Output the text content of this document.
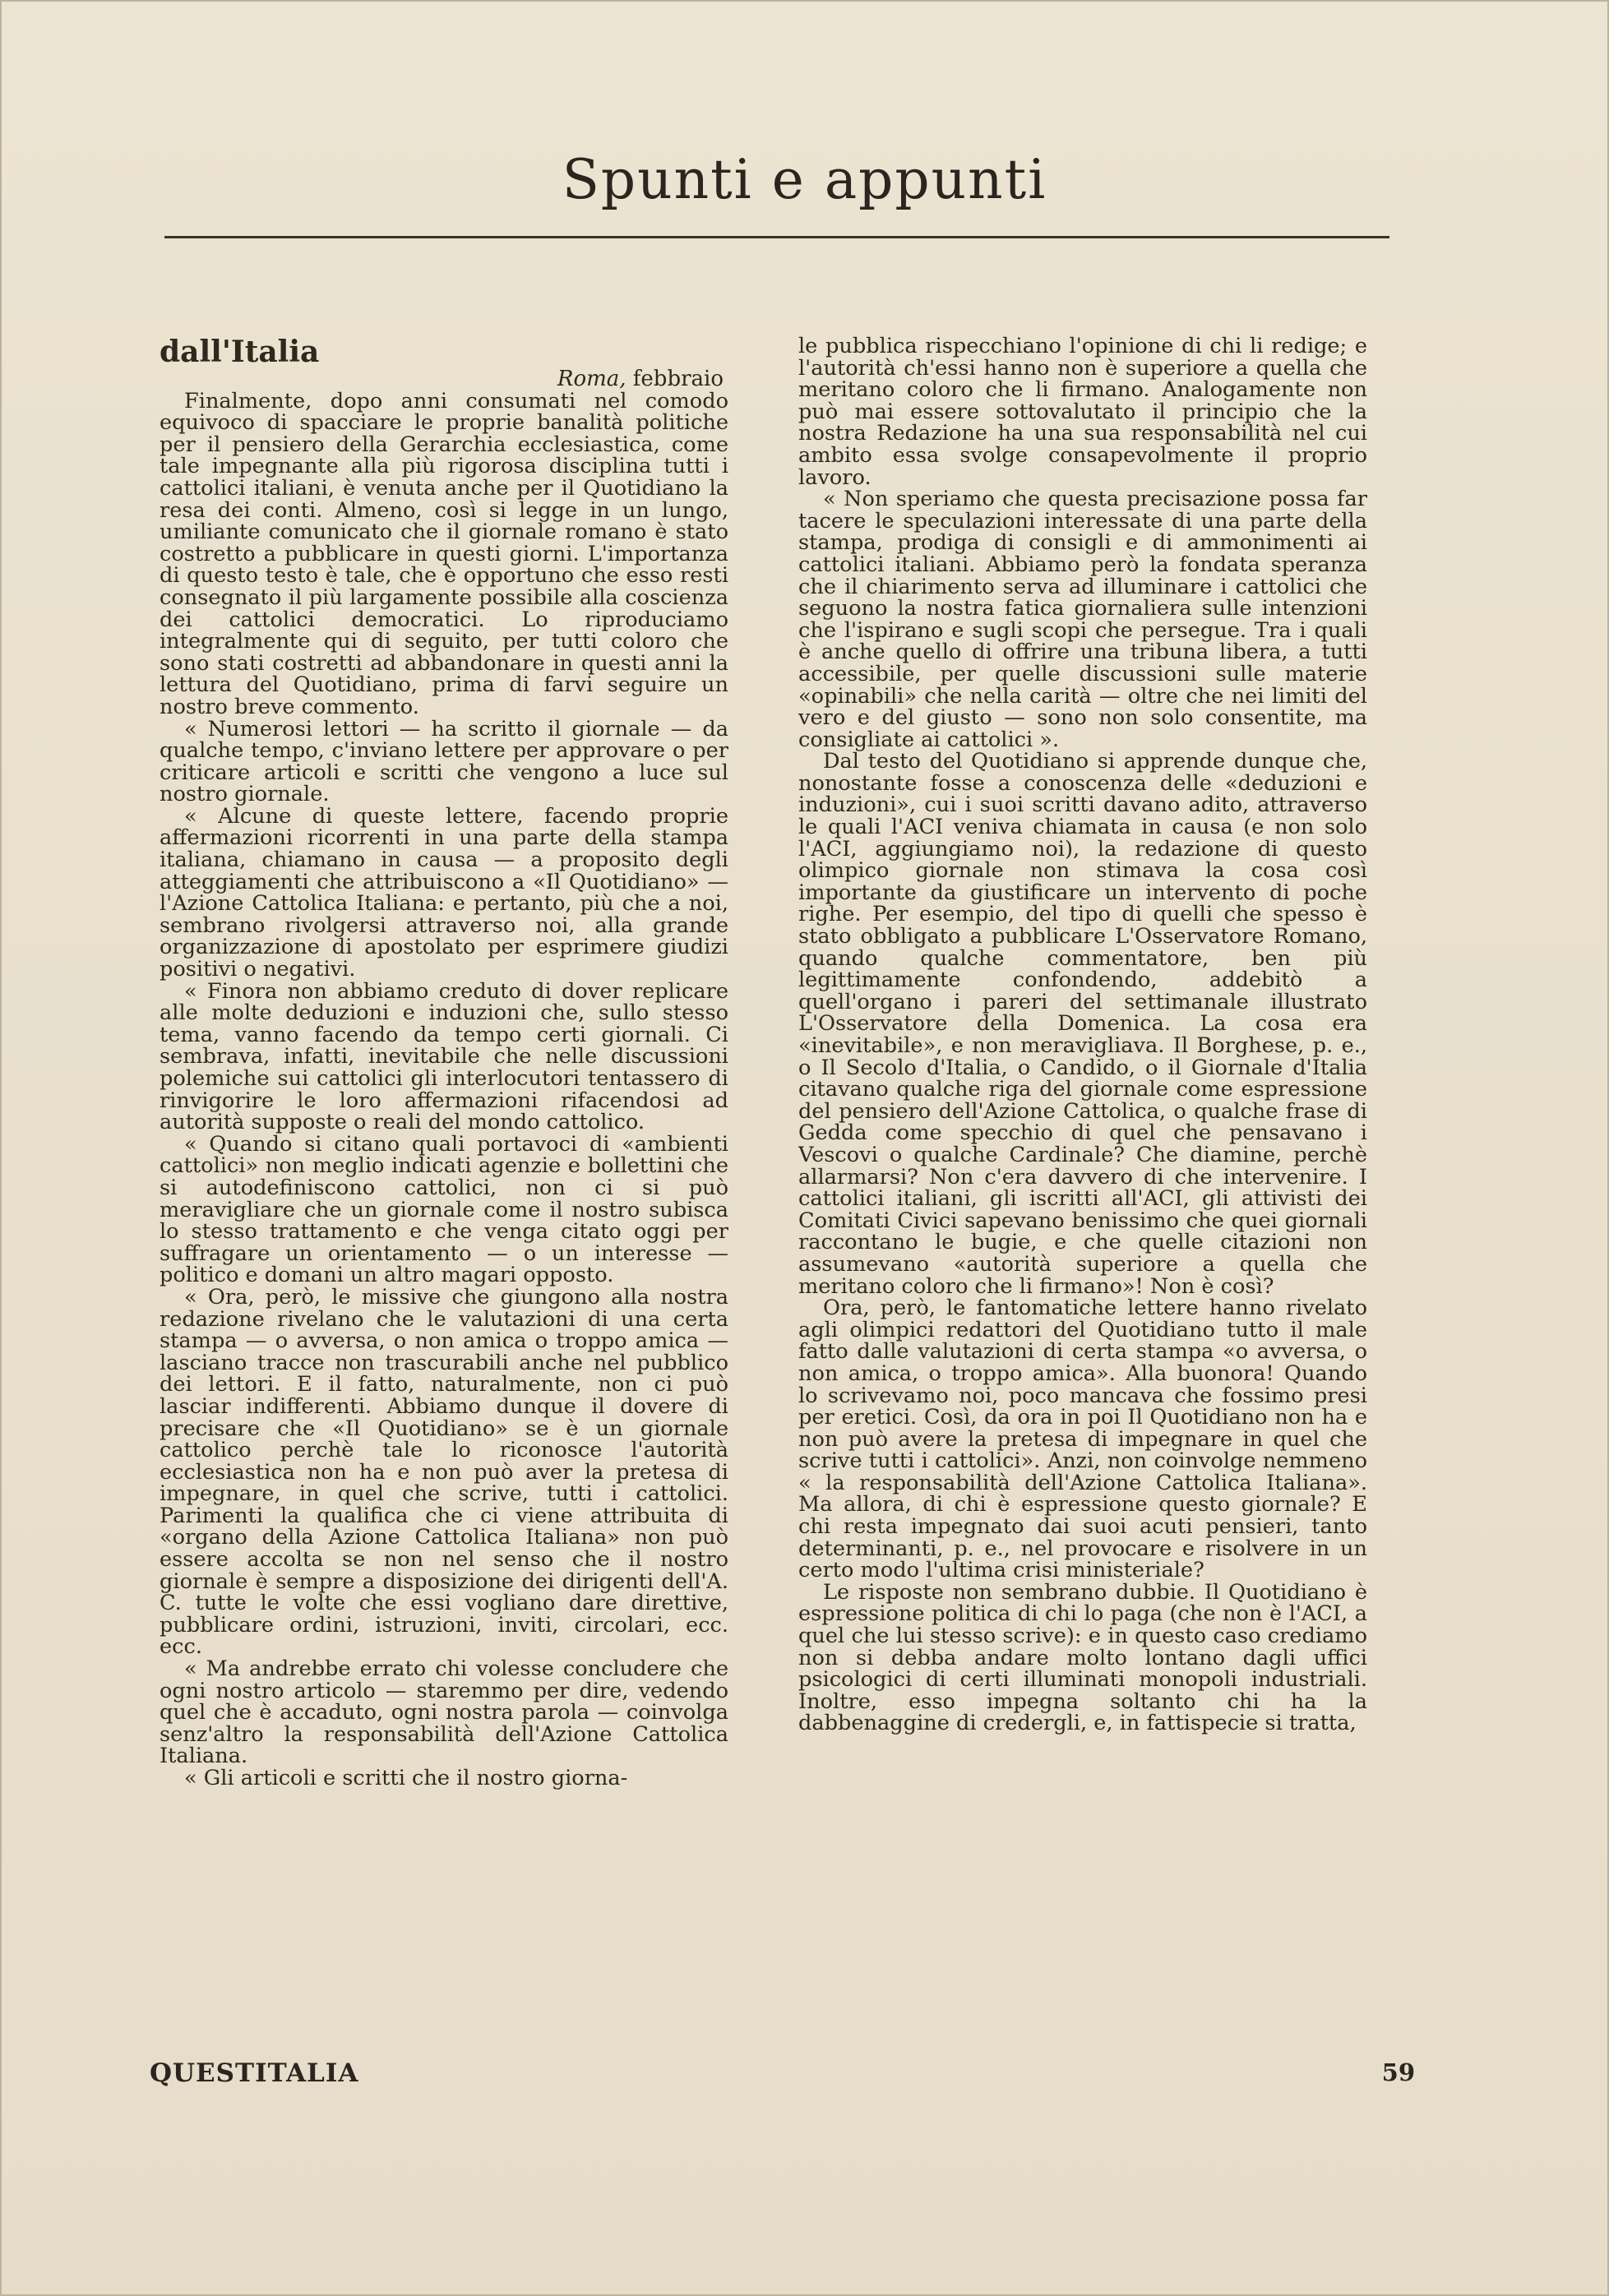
Spunti e appunti

dall'Italia

Roma, febbraio

Finalmente, dopo anni consumati nel comodo equivoco di spacciare le proprie banalità politiche per il pensiero della Gerarchia ecclesiastica, come tale impegnante alla più rigorosa disciplina tutti i cattolici italiani, è venuta anche per il Quotidiano la resa dei conti. Almeno, così si legge in un lungo, umiliante comunicato che il giornale romano è stato costretto a pubblicare in questi giorni. L'importanza di questo testo è tale, che è opportuno che esso resti consegnato il più largamente possibile alla coscienza dei cattolici democratici. Lo riproduciamo integralmente qui di seguito, per tutti coloro che sono stati costretti ad abbandonare in questi anni la lettura del Quotidiano, prima di farvi seguire un nostro breve commento.

« Numerosi lettori — ha scritto il giornale — da qualche tempo, c'inviano lettere per approvare o per criticare articoli e scritti che vengono a luce sul nostro giornale.

« Alcune di queste lettere, facendo proprie affermazioni ricorrenti in una parte della stampa italiana, chiamano in causa — a proposito degli atteggiamenti che attribuiscono a «Il Quotidiano» — l'Azione Cattolica Italiana: e pertanto, più che a noi, sembrano rivolgersi attraverso noi, alla grande organizzazione di apostolato per esprimere giudizi positivi o negativi.

« Finora non abbiamo creduto di dover replicare alle molte deduzioni e induzioni che, sullo stesso tema, vanno facendo da tempo certi giornali. Ci sembrava, infatti, inevitabile che nelle discussioni polemiche sui cattolici gli interlocutori tentassero di rinvigorire le loro affermazioni rifacendosi ad autorità supposte o reali del mondo cattolico.

« Quando si citano quali portavoci di «ambienti cattolici» non meglio indicati agenzie e bollettini che si autodefiniscono cattolici, non ci si può meravigliare che un giornale come il nostro subisca lo stesso trattamento e che venga citato oggi per suffragare un orientamento — o un interesse — politico e domani un altro magari opposto.

« Ora, però, le missive che giungono alla nostra redazione rivelano che le valutazioni di una certa stampa — o avversa, o non amica o troppo amica — lasciano tracce non trascurabili anche nel pubblico dei lettori. E il fatto, naturalmente, non ci può lasciar indifferenti. Abbiamo dunque il dovere di precisare che «Il Quotidiano» se è un giornale cattolico perchè tale lo riconosce l'autorità ecclesiastica non ha e non può aver la pretesa di impegnare, in quel che scrive, tutti i cattolici. Parimenti la qualifica che ci viene attribuita di «organo della Azione Cattolica Italiana» non può essere accolta se non nel senso che il nostro giornale è sempre a disposizione dei dirigenti dell'A. C. tutte le volte che essi vogliano dare direttive, pubblicare ordini, istruzioni, inviti, circolari, ecc. ecc.

« Ma andrebbe errato chi volesse concludere che ogni nostro articolo — staremmo per dire, vedendo quel che è accaduto, ogni nostra parola — coinvolga senz'altro la responsabilità dell'Azione Cattolica Italiana.

« Gli articoli e scritti che il nostro giorna-

le pubblica rispecchiano l'opinione di chi li redige; e l'autorità ch'essi hanno non è superiore a quella che meritano coloro che li firmano. Analogamente non può mai essere sottovalutato il principio che la nostra Redazione ha una sua responsabilità nel cui ambito essa svolge consapevolmente il proprio lavoro.

« Non speriamo che questa precisazione possa far tacere le speculazioni interessate di una parte della stampa, prodiga di consigli e di ammonimenti ai cattolici italiani. Abbiamo però la fondata speranza che il chiarimento serva ad illuminare i cattolici che seguono la nostra fatica giornaliera sulle intenzioni che l'ispirano e sugli scopi che persegue. Tra i quali è anche quello di offrire una tribuna libera, a tutti accessibile, per quelle discussioni sulle materie «opinabili» che nella carità — oltre che nei limiti del vero e del giusto — sono non solo consentite, ma consigliate ai cattolici ».

Dal testo del Quotidiano si apprende dunque che, nonostante fosse a conoscenza delle «deduzioni e induzioni», cui i suoi scritti davano adito, attraverso le quali l'ACI veniva chiamata in causa (e non solo l'ACI, aggiungiamo noi), la redazione di questo olimpico giornale non stimava la cosa così importante da giustificare un intervento di poche righe. Per esempio, del tipo di quelli che spesso è stato obbligato a pubblicare L'Osservatore Romano, quando qualche commentatore, ben più legittimamente confondendo, addebitò a quell'organo i pareri del settimanale illustrato L'Osservatore della Domenica. La cosa era «inevitabile», e non meravigliava. Il Borghese, p. e., o Il Secolo d'Italia, o Candido, o il Giornale d'Italia citavano qualche riga del giornale come espressione del pensiero dell'Azione Cattolica, o qualche frase di Gedda come specchio di quel che pensavano i Vescovi o qualche Cardinale? Che diamine, perchè allarmarsi? Non c'era davvero di che intervenire. I cattolici italiani, gli iscritti all'ACI, gli attivisti dei Comitati Civici sapevano benissimo che quei giornali raccontano le bugie, e che quelle citazioni non assumevano «autorità superiore a quella che meritano coloro che li firmano»! Non è così?

Ora, però, le fantomatiche lettere hanno rivelato agli olimpici redattori del Quotidiano tutto il male fatto dalle valutazioni di certa stampa «o avversa, o non amica, o troppo amica». Alla buonora! Quando lo scrivevamo noi, poco mancava che fossimo presi per eretici. Così, da ora in poi Il Quotidiano non ha e non può avere la pretesa di impegnare in quel che scrive tutti i cattolici». Anzi, non coinvolge nemmeno « la responsabilità dell'Azione Cattolica Italiana». Ma allora, di chi è espressione questo giornale? E chi resta impegnato dai suoi acuti pensieri, tanto determinanti, p. e., nel provocare e risolvere in un certo modo l'ultima crisi ministeriale?

Le risposte non sembrano dubbie. Il Quotidiano è espressione politica di chi lo paga (che non è l'ACI, a quel che lui stesso scrive): e in questo caso crediamo non si debba andare molto lontano dagli uffici psicologici di certi illuminati monopoli industriali. Inoltre, esso impegna soltanto chi ha la dabbenaggine di credergli, e, in fattispecie si tratta,

QUESTITALIA	59
